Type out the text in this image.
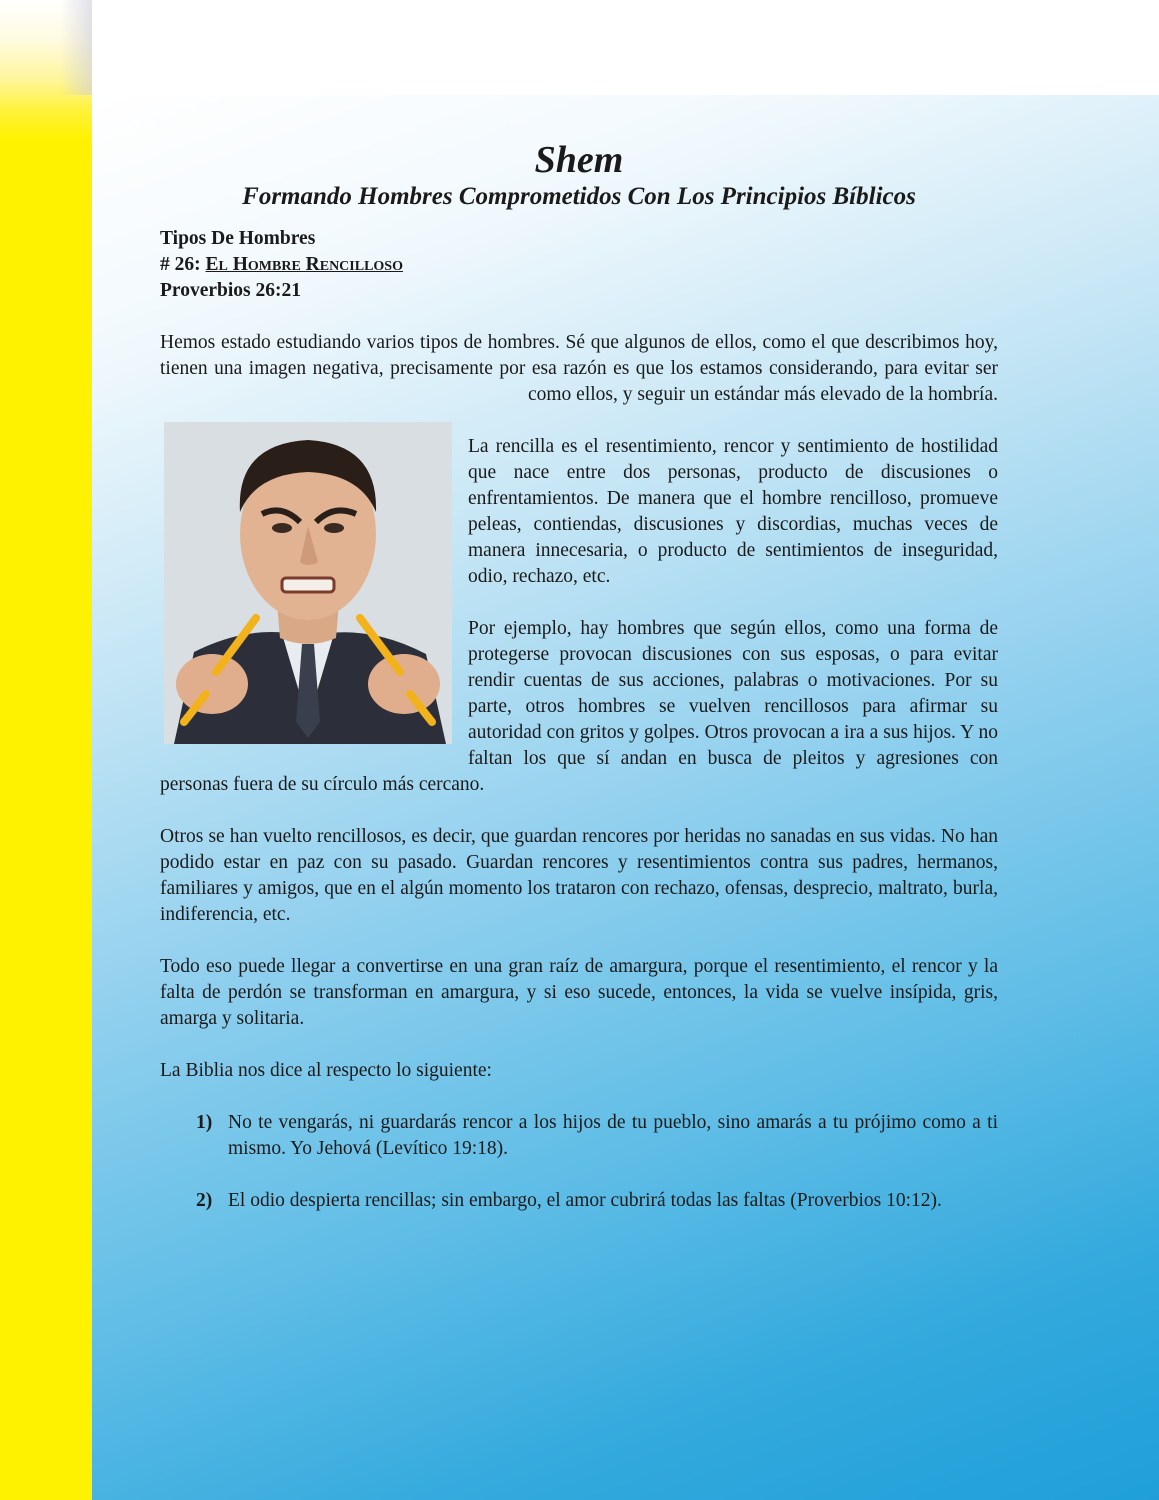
Shem
Formando Hombres Comprometidos Con Los Principios Bíblicos

Tipos De Hombres

# 26: El Hombre Rencilloso

Proverbios 26:21

Hemos estado estudiando varios tipos de hombres. Sé que algunos de ellos, como el que describimos hoy, tienen una imagen negativa, precisamente por esa razón es que los estamos considerando, para evitar ser como ellos, y seguir un estándar más elevado de la hombría.

La rencilla es el resentimiento, rencor y sentimiento de hostilidad que nace entre dos personas, producto de discusiones o enfrentamientos. De manera que el hombre rencilloso, promueve peleas, contiendas, discusiones y discordias, muchas veces de manera innecesaria, o producto de sentimientos de inseguridad, odio, rechazo, etc.

Por ejemplo, hay hombres que según ellos, como una forma de protegerse provocan discusiones con sus esposas, o para evitar rendir cuentas de sus acciones, palabras o motivaciones. Por su parte, otros hombres se vuelven rencillosos para afirmar su autoridad con gritos y golpes. Otros provocan a ira a sus hijos. Y no faltan los que sí andan en busca de pleitos y agresiones con personas fuera de su círculo más cercano.

Otros se han vuelto rencillosos, es decir, que guardan rencores por heridas no sanadas en sus vidas. No han podido estar en paz con su pasado. Guardan rencores y resentimientos contra sus padres, hermanos, familiares y amigos, que en el algún momento los trataron con rechazo, ofensas, desprecio, maltrato, burla, indiferencia, etc.

Todo eso puede llegar a convertirse en una gran raíz de amargura, porque el resentimiento, el rencor y la falta de perdón se transforman en amargura, y si eso sucede, entonces, la vida se vuelve insípida, gris, amarga y solitaria.

La Biblia nos dice al respecto lo siguiente:

1) No te vengarás, ni guardarás rencor a los hijos de tu pueblo, sino amarás a tu prójimo como a ti mismo. Yo Jehová (Levítico 19:18).
2) El odio despierta rencillas; sin embargo, el amor cubrirá todas las faltas (Proverbios 10:12).
